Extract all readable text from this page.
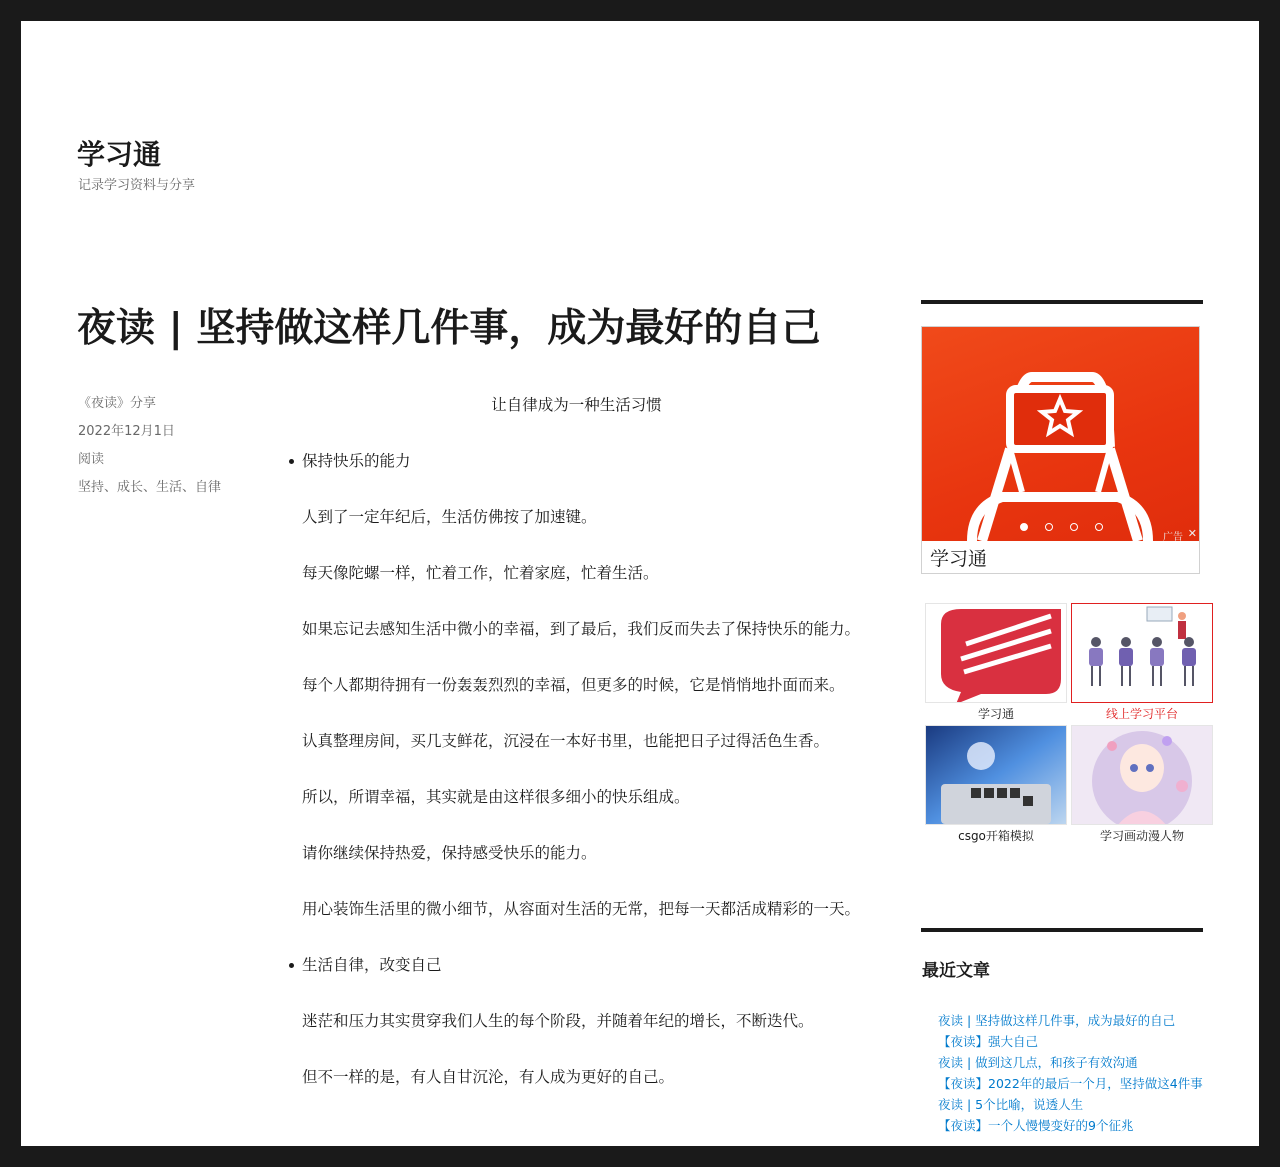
学习通
记录学习资料与分享
夜读 | 坚持做这样几件事，成为最好的自己
《夜读》分享
2022年12月1日
阅读
坚持、成长、生活、自律
让自律成为一种生活习惯
保持快乐的能力

人到了一定年纪后，生活仿佛按了加速键。

每天像陀螺一样，忙着工作，忙着家庭，忙着生活。

如果忘记去感知生活中微小的幸福，到了最后，我们反而失去了保持快乐的能力。

每个人都期待拥有一份轰轰烈烈的幸福，但更多的时候，它是悄悄地扑面而来。

认真整理房间，买几支鲜花，沉浸在一本好书里，也能把日子过得活色生香。

所以，所谓幸福，其实就是由这样很多细小的快乐组成。

请你继续保持热爱，保持感受快乐的能力。

用心装饰生活里的微小细节，从容面对生活的无常，把每一天都活成精彩的一天。

生活自律，改变自己

迷茫和压力其实贯穿我们人生的每个阶段，并随着年纪的增长，不断迭代。

但不一样的是，有人自甘沉沦，有人成为更好的自己。

广告 ✕
学习通
学习通	线上学习平台
csgo开箱模拟	学习画动漫人物
最近文章
夜读 | 坚持做这样几件事，成为最好的自己
【夜读】强大自己
夜读 | 做到这几点，和孩子有效沟通
【夜读】2022年的最后一个月，坚持做这4件事
夜读 | 5个比喻，说透人生
【夜读】一个人慢慢变好的9个征兆
